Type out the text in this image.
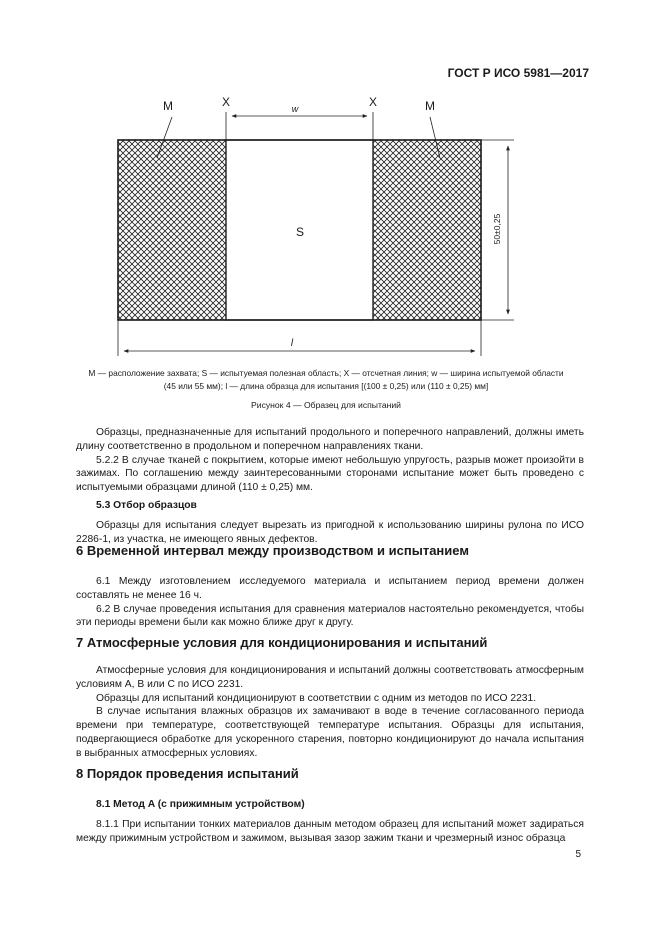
ГОСТ Р ИСО 5981—2017
M	X	w	X	M
S	50±0,25
l
M — расположение захвата; S — испытуемая полезная область; X — отсчетная линия; w — ширина испытуемой области
(45 или 55 мм); l — длина образца для испытания [(100 ± 0,25) или (110 ± 0,25) мм]
Рисунок 4 — Образец для испытаний

Образцы, предназначенные для испытаний продольного и поперечного направлений, должны иметь длину соответственно в продольном и поперечном направлениях ткани.

5.2.2 В случае тканей с покрытием, которые имеют небольшую упругость, разрыв может произойти в зажимах. По соглашению между заинтересованными сторонами испытание может быть проведено с испытуемыми образцами длиной (110 ± 0,25) мм.

5.3 Отбор образцов

Образцы для испытания следует вырезать из пригодной к использованию ширины рулона по ИСО 2286-1, из участка, не имеющего явных дефектов.

6 Временной интервал между производством и испытанием

6.1 Между изготовлением исследуемого материала и испытанием период времени должен составлять не менее 16 ч.

6.2 В случае проведения испытания для сравнения материалов настоятельно рекомендуется, чтобы эти периоды времени были как можно ближе друг к другу.

7 Атмосферные условия для кондиционирования и испытаний

Атмосферные условия для кондиционирования и испытаний должны соответствовать атмосферным условиям A, B или C по ИСО 2231.

Образцы для испытаний кондиционируют в соответствии с одним из методов по ИСО 2231.

В случае испытания влажных образцов их замачивают в воде в течение согласованного периода времени при температуре, соответствующей температуре испытания. Образцы для испытания, подвергающиеся обработке для ускоренного старения, повторно кондиционируют до начала испытания в выбранных атмосферных условиях.

8 Порядок проведения испытаний
8.1 Метод A (с прижимным устройством)

8.1.1 При испытании тонких материалов данным методом образец для испытаний может задираться между прижимным устройством и зажимом, вызывая зазор зажим ткани и чрезмерный износ образца

5
